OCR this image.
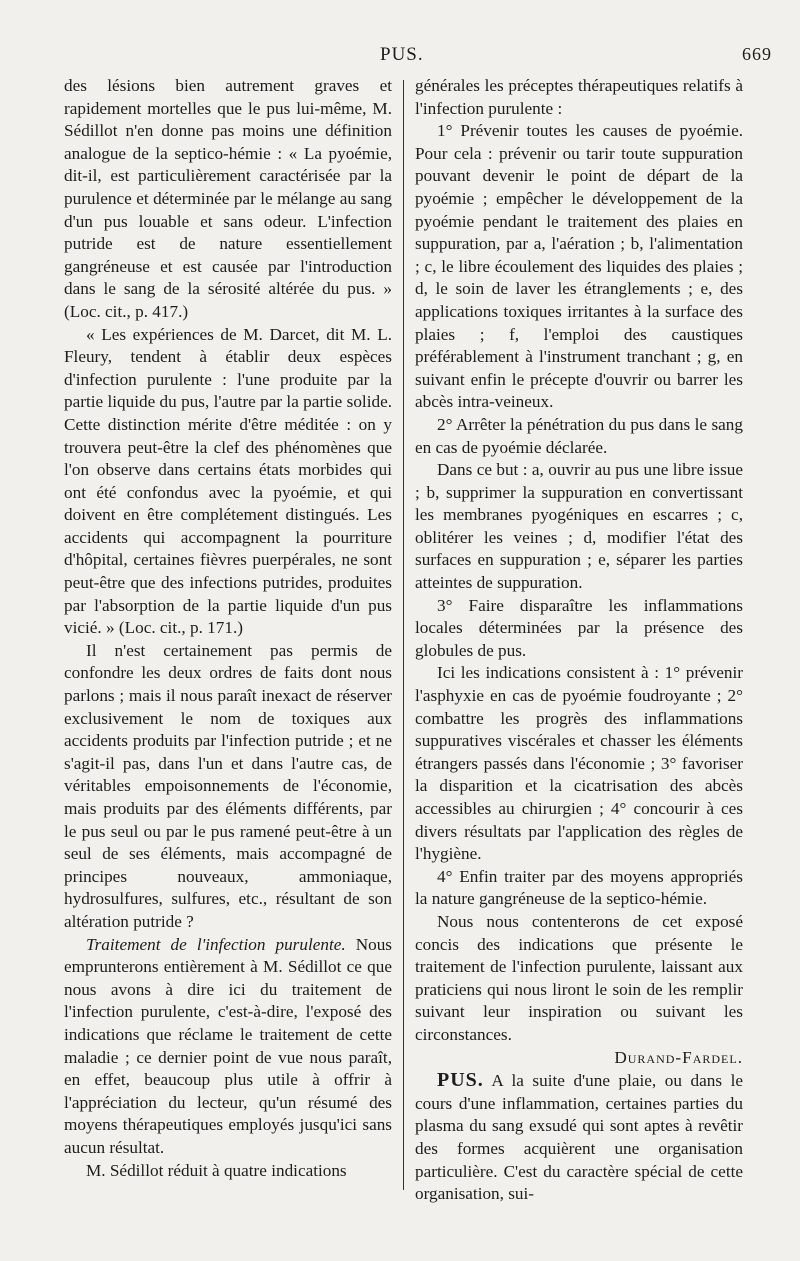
PUS.	669

des lésions bien autrement graves et rapidement mortelles que le pus lui-même, M. Sédillot n'en donne pas moins une définition analogue de la septico-hémie : « La pyoémie, dit-il, est particulièrement caractérisée par la purulence et déterminée par le mélange au sang d'un pus louable et sans odeur. L'infection putride est de nature essentiellement gangréneuse et est causée par l'introduction dans le sang de la sérosité altérée du pus. » (Loc. cit., p. 417.)

« Les expériences de M. Darcet, dit M. L. Fleury, tendent à établir deux espèces d'infection purulente : l'une produite par la partie liquide du pus, l'autre par la partie solide. Cette distinction mérite d'être méditée : on y trouvera peut-être la clef des phénomènes que l'on observe dans certains états morbides qui ont été confondus avec la pyoémie, et qui doivent en être complétement distingués. Les accidents qui accompagnent la pourriture d'hôpital, certaines fièvres puerpérales, ne sont peut-être que des infections putrides, produites par l'absorption de la partie liquide d'un pus vicié. » (Loc. cit., p. 171.)

Il n'est certainement pas permis de confondre les deux ordres de faits dont nous parlons ; mais il nous paraît inexact de réserver exclusivement le nom de toxiques aux accidents produits par l'infection putride ; et ne s'agit-il pas, dans l'un et dans l'autre cas, de véritables empoisonnements de l'économie, mais produits par des éléments différents, par le pus seul ou par le pus ramené peut-être à un seul de ses éléments, mais accompagné de principes nouveaux, ammoniaque, hydrosulfures, sulfures, etc., résultant de son altération putride ?

Traitement de l'infection purulente. Nous emprunterons entièrement à M. Sédillot ce que nous avons à dire ici du traitement de l'infection purulente, c'est-à-dire, l'exposé des indications que réclame le traitement de cette maladie ; ce dernier point de vue nous paraît, en effet, beaucoup plus utile à offrir à l'appréciation du lecteur, qu'un résumé des moyens thérapeutiques employés jusqu'ici sans aucun résultat.

M. Sédillot réduit à quatre indications

générales les préceptes thérapeutiques relatifs à l'infection purulente :

1° Prévenir toutes les causes de pyoémie. Pour cela : prévenir ou tarir toute suppuration pouvant devenir le point de départ de la pyoémie ; empêcher le développement de la pyoémie pendant le traitement des plaies en suppuration, par a, l'aération ; b, l'alimentation ; c, le libre écoulement des liquides des plaies ; d, le soin de laver les étranglements ; e, des applications toxiques irritantes à la surface des plaies ; f, l'emploi des caustiques préférablement à l'instrument tranchant ; g, en suivant enfin le précepte d'ouvrir ou barrer les abcès intra-veineux.

2° Arrêter la pénétration du pus dans le sang en cas de pyoémie déclarée.

Dans ce but : a, ouvrir au pus une libre issue ; b, supprimer la suppuration en convertissant les membranes pyogéniques en escarres ; c, oblitérer les veines ; d, modifier l'état des surfaces en suppuration ; e, séparer les parties atteintes de suppuration.

3° Faire disparaître les inflammations locales déterminées par la présence des globules de pus.

Ici les indications consistent à : 1° prévenir l'asphyxie en cas de pyoémie foudroyante ; 2° combattre les progrès des inflammations suppuratives viscérales et chasser les éléments étrangers passés dans l'économie ; 3° favoriser la disparition et la cicatrisation des abcès accessibles au chirurgien ; 4° concourir à ces divers résultats par l'application des règles de l'hygiène.

4° Enfin traiter par des moyens appropriés la nature gangréneuse de la septico-hémie.

Nous nous contenterons de cet exposé concis des indications que présente le traitement de l'infection purulente, laissant aux praticiens qui nous liront le soin de les remplir suivant leur inspiration ou suivant les circonstances.

Durand-Fardel.

PUS. A la suite d'une plaie, ou dans le cours d'une inflammation, certaines parties du plasma du sang exsudé qui sont aptes à revêtir des formes acquièrent une organisation particulière. C'est du caractère spécial de cette organisation, sui-
